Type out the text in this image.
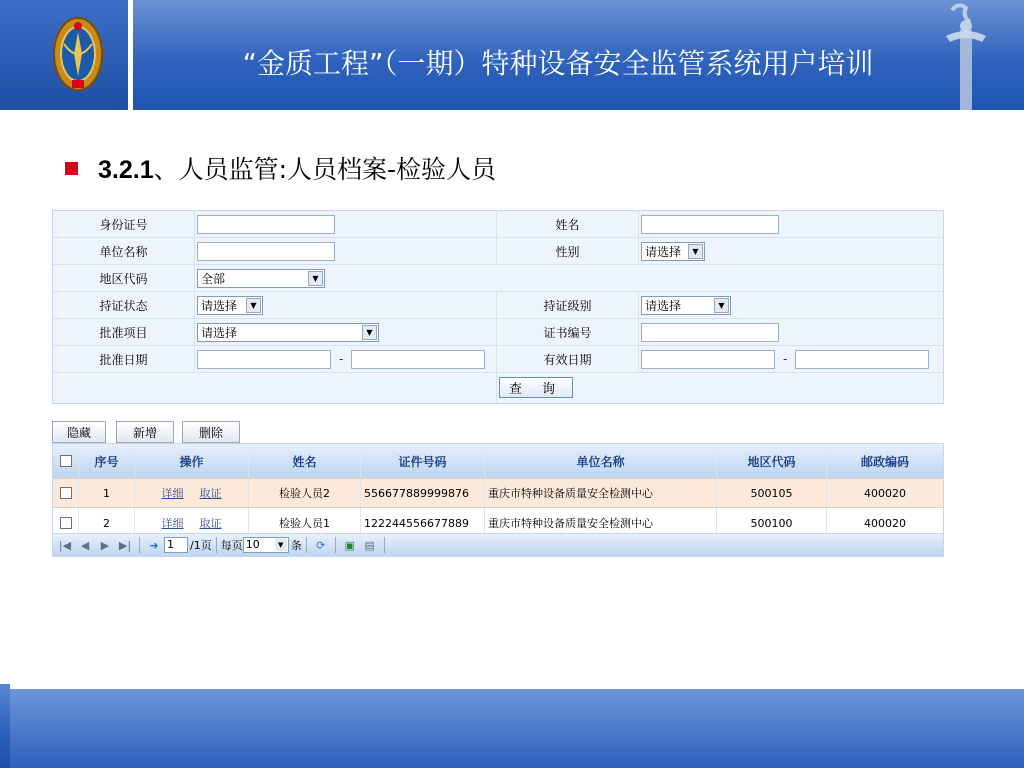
“金质工程”（一期）特种设备安全监管系统用户培训
3.2.1、人员监管:人员档案-检验人员
身份证号	姓名
单位名称	性别	请选择	▼
地区代码	全部	▼
持证状态	请选择	▼	持证级别	请选择	▼
批准项目	请选择	▼	证书编号
批准日期	-	有效日期	-
查 询
隐藏	新增	删除
序号	操作	姓名	证件号码	单位名称	地区代码	邮政编码
1	详细 取证	检验人员2	556677889999876	重庆市特种设备质量安全检测中心	500105	400020
2	详细 取证	检验人员1	122244556677889	重庆市特种设备质量安全检测中心	500100	400020
|◀ ◀	▶ ▶|	➜ 1	/1页 每页 10	▼ 条	⟳	▣ ▤
